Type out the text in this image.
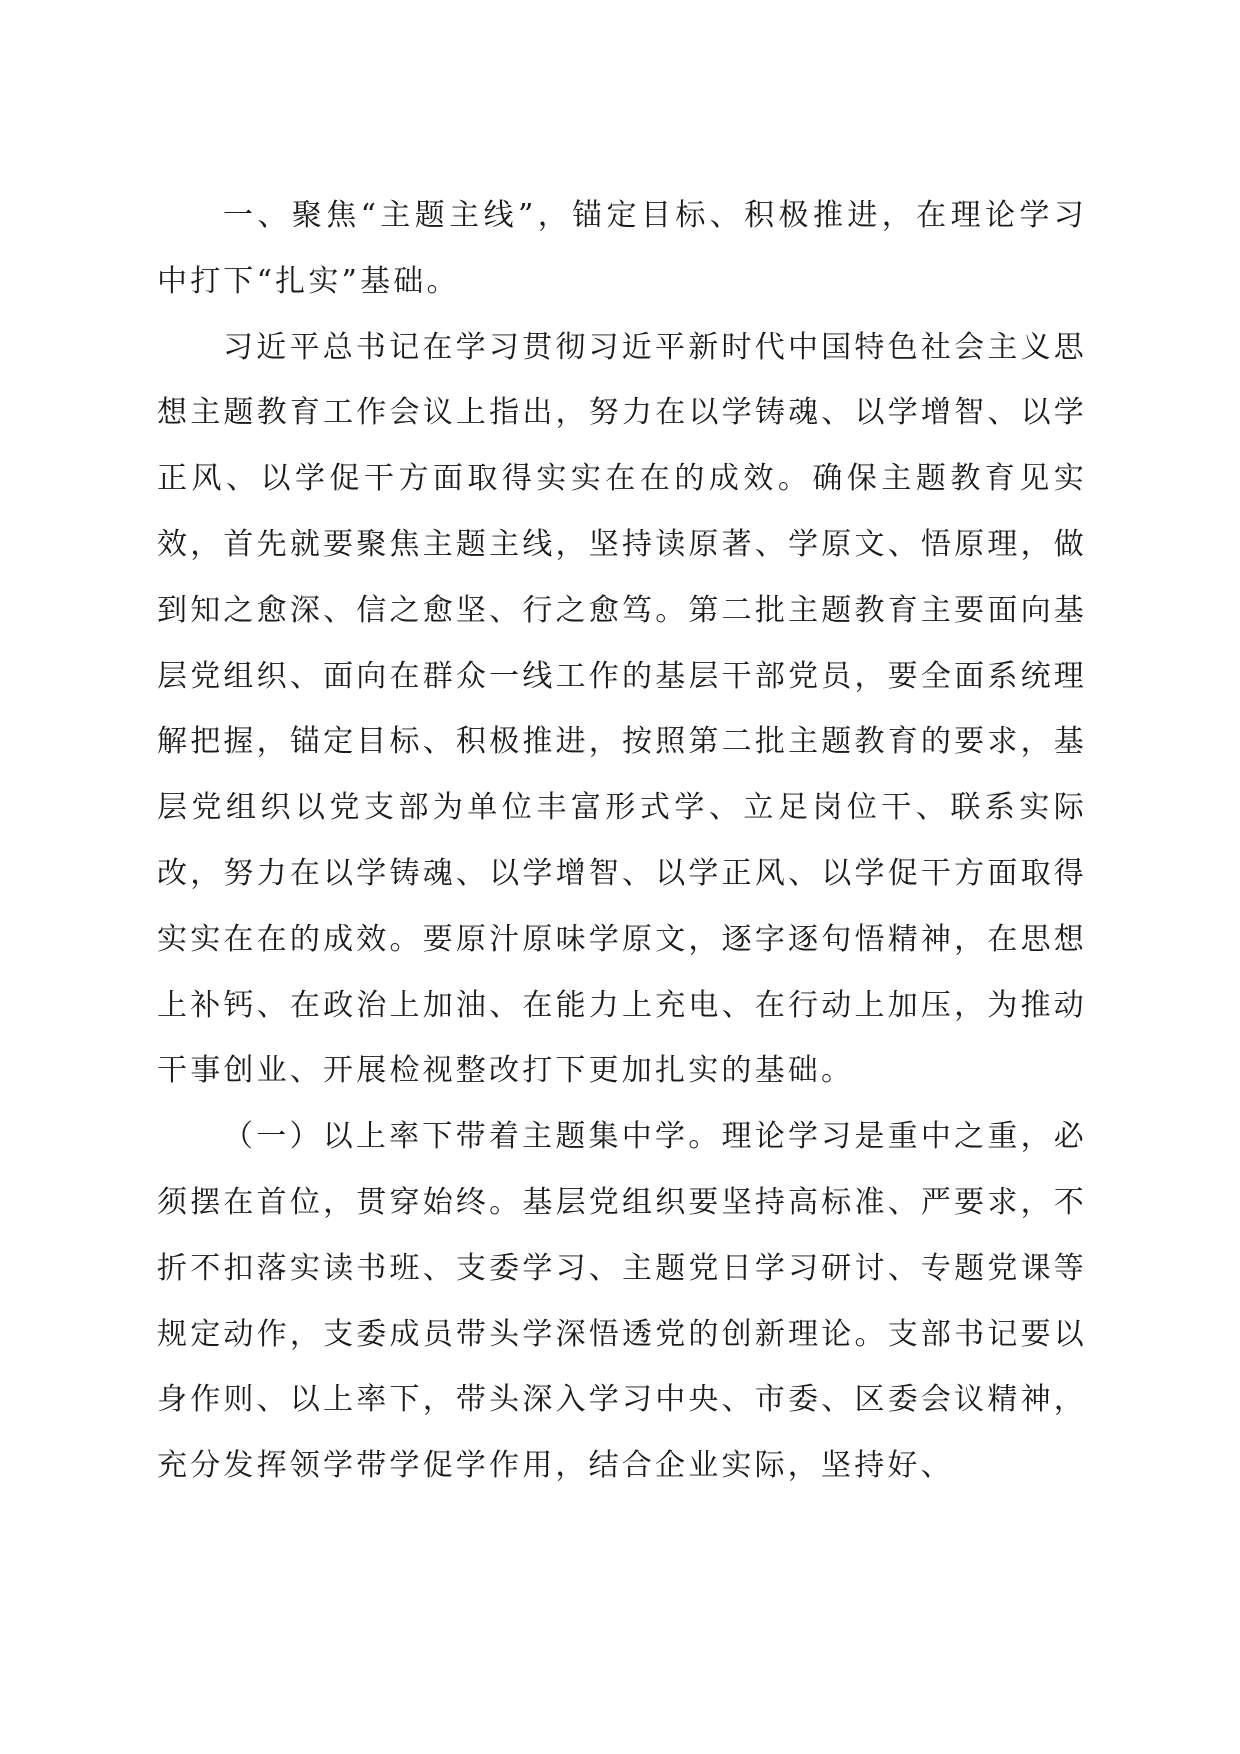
一、聚焦“主题主线”，锚定目标、积极推进，在理论学习中打下“扎实”基础。

习近平总书记在学习贯彻习近平新时代中国特色社会主义思想主题教育工作会议上指出，努力在以学铸魂、以学增智、以学正风、以学促干方面取得实实在在的成效。确保主题教育见实效，首先就要聚焦主题主线，坚持读原著、学原文、悟原理，做到知之愈深、信之愈坚、行之愈笃。第二批主题教育主要面向基层党组织、面向在群众一线工作的基层干部党员，要全面系统理解把握，锚定目标、积极推进，按照第二批主题教育的要求，基层党组织以党支部为单位丰富形式学、立足岗位干、联系实际改，努力在以学铸魂、以学增智、以学正风、以学促干方面取得实实在在的成效。要原汁原味学原文，逐字逐句悟精神，在思想上补钙、在政治上加油、在能力上充电、在行动上加压，为推动干事创业、开展检视整改打下更加扎实的基础。

（一）以上率下带着主题集中学。理论学习是重中之重，必须摆在首位，贯穿始终。基层党组织要坚持高标准、严要求，不折不扣落实读书班、支委学习、主题党日学习研讨、专题党课等规定动作，支委成员带头学深悟透党的创新理论。支部书记要以身作则、以上率下，带头深入学习中央、市委、区委会议精神，充分发挥领学带学促学作用，结合企业实际，坚持好、
